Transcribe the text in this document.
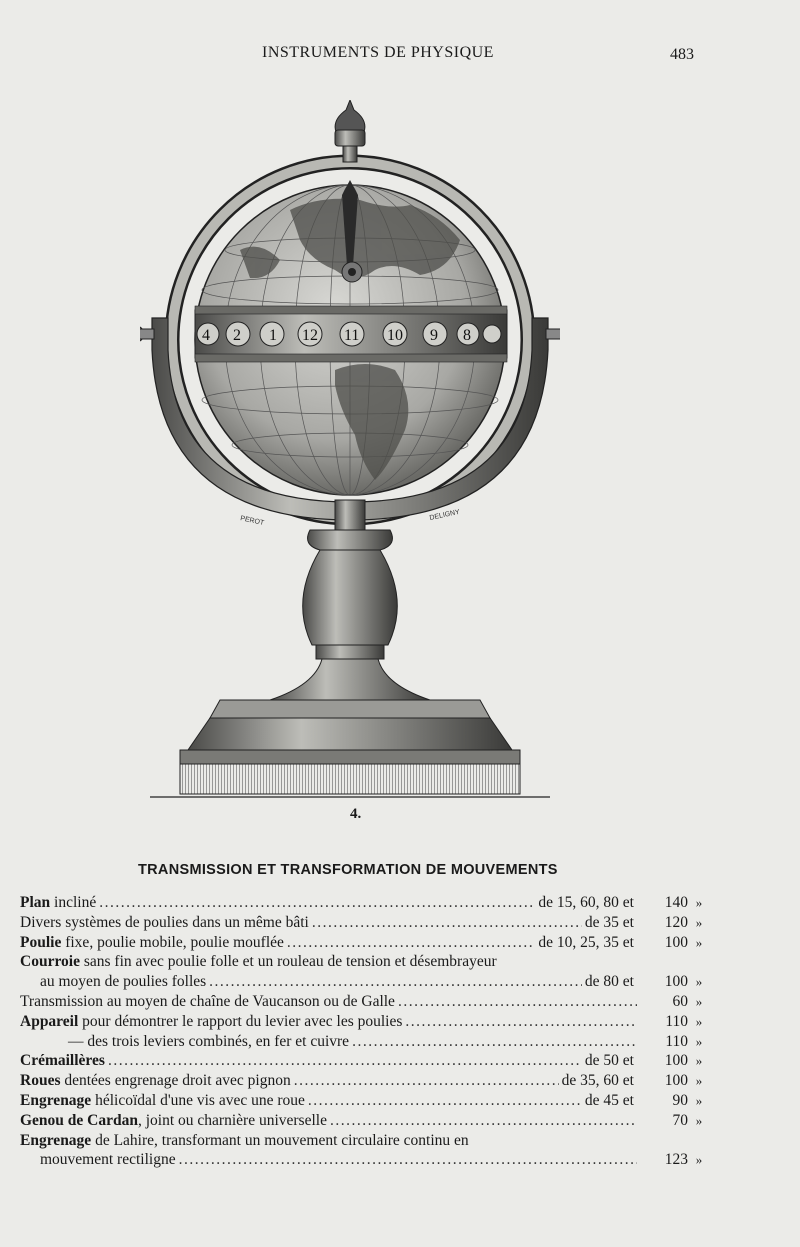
INSTRUMENTS DE PHYSIQUE	483
4 2 1 12 11 10 9 8
PEROT	DELIGNY
4.
TRANSMISSION ET TRANSFORMATION DE MOUVEMENTS
Plan incliné .....	de 15, 60, 80 et	140 »
Divers systèmes de poulies dans un même bâti .....	de 35 et	120 »
Poulie fixe, poulie mobile, poulie mouflée .....	de 10, 25, 35 et	100 »
Courroie sans fin avec poulie folle et un rouleau de tension et désembrayeur
au moyen de poulies folles .....	de 80 et	100 »
Transmission au moyen de chaîne de Vaucanson ou de Galle .....	60 »
Appareil pour démontrer le rapport du levier avec les poulies .....	110 »
— des trois leviers combinés, en fer et cuivre .....	110 »
Crémaillères .....	de 50 et	100 »
Roues dentées engrenage droit avec pignon .....	de 35, 60 et	100 »
Engrenage hélicoïdal d'une vis avec une roue .....	de 45 et	90 »
Genou de Cardan, joint ou charnière universelle .....	70 »
Engrenage de Lahire, transformant un mouvement circulaire continu en
mouvement rectiligne .....	123 »
